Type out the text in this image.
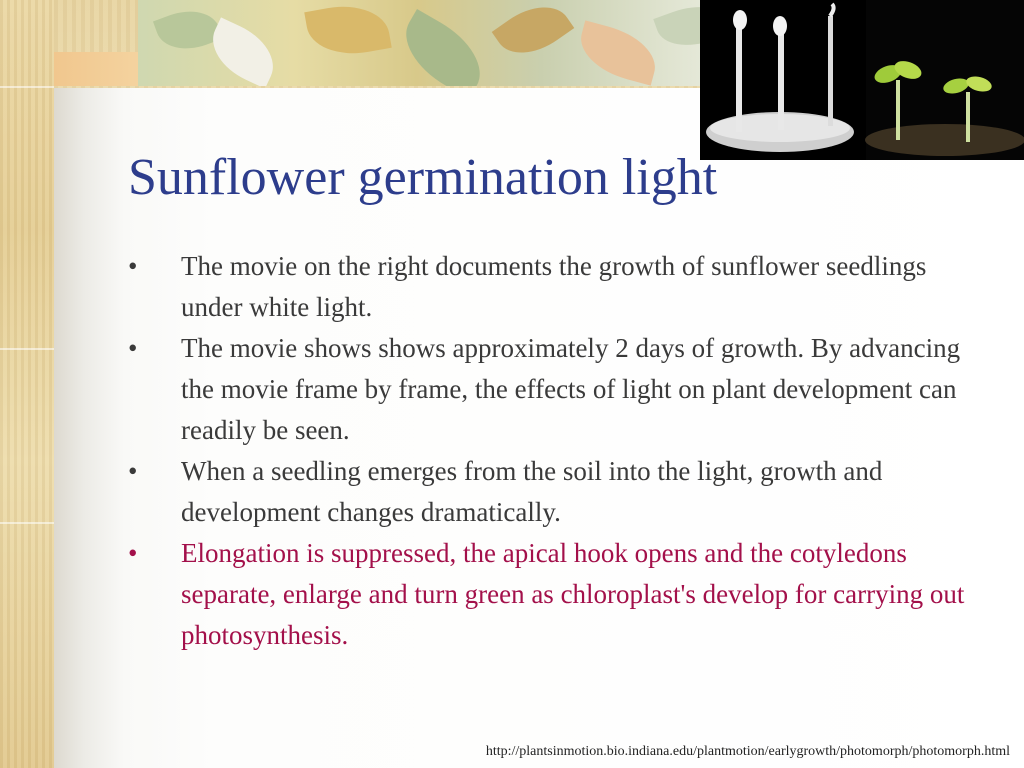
Sunflower germination light
•	The movie on the right documents the growth of sunflower seedlings under white light.
•	The movie shows shows approximately 2 days of growth. By advancing the movie frame by frame, the effects of light on plant development can readily be seen.
•	When a seedling emerges from the soil into the light, growth and development changes dramatically.
•	Elongation is suppressed, the apical hook opens and the cotyledons separate, enlarge and turn green as chloroplast's develop for carrying out photosynthesis.
http://plantsinmotion.bio.indiana.edu/plantmotion/earlygrowth/photomorph/photomorph.html
